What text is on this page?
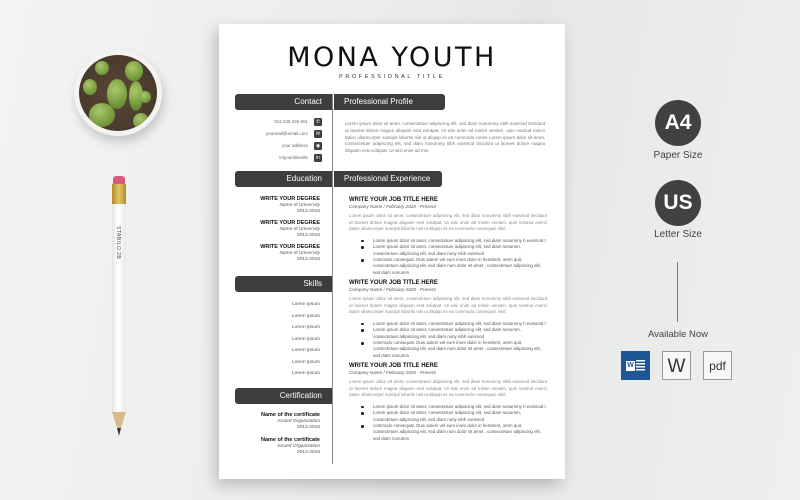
STABILO 2B
MONA YOUTH
PROFESSIONAL TITLE
Contact	Professional Profile
012 345 245 601	✆
yourmail@email.com	✉
your address	◉
in/yourlinkedin	in
Lorem ipsum dolor sit amet, consectetuer adipiscing elit, sed diam nonummy nibh euismod tincidunt ut laoreet dolore magna aliquam erat volutpat. Ut wisi enim ad minim veniam, quis nostrud exerci tation ullamcorper suscipit lobortis nisl ut aliquip ex ea commodo conse Lorem ipsum dolor sit amet, consectetuer adipiscing elit, sed diam nonummy nibh euismod tincidunt ut laoreet dolore magna aliquam erat volutpat. Ut wisi enim ad min.
Education	Professional Experience
WRITE YOUR DEGREE
Name of University
2013-2015
WRITE YOUR DEGREE
Name of University
2013-2015
WRITE YOUR DEGREE
Name of University
2013-2015
Skills
Lorem Ipsum
Lorem Ipsum
Lorem Ipsum
Lorem Ipsum
Lorem Ipsum
Lorem Ipsum
Lorem Ipsum
Certification
Name of the certificate
Issued Organization
2013-2015
Name of the certificate
Issued Organization
2013-2015
WRITE YOUR JOB TITLE HERE
Company Name / February 2020 - Present
Lorem ipsum dolor sit amet, consectetuer adipiscing elit, sed diam nonummy nibh euismod tincidunt ut laoreet dolore magna aliquam erat volutpat. Ut wisi enim ad minim veniam, quis nostrud exerci tation ullamcorper suscipit lobortis nisl ut aliquip ex ea commodo consequat. Nisl
Lorem ipsum dolor sit amet, consectetuer adipiscing elit, sed diam nonummy h euismod t
Lorem ipsum dolor sit amet, consectetuer adipiscing elit, sed diam nonumm, consectetuer adipiscing elit, sed diam nony nibh euismod
commodo consequat. Duis autem vel eum iriure dolor in hendrerit, orem quit, consectetuer adipiscing elit, sed diam num dolor sit amet , consectetuer adipiscing elit, sed diam nonumm
WRITE YOUR JOB TITLE HERE
Company Name / February 2020 - Present
Lorem ipsum dolor sit amet, consectetuer adipiscing elit, sed diam nonummy nibh euismod tincidunt ut laoreet dolore magna aliquam erat volutpat. Ut wisi enim ad minim veniam, quis nostrud exerci tation ullamcorper suscipit lobortis nisl ut aliquip ex ea commodo consequat. Nisl
Lorem ipsum dolor sit amet, consectetuer adipiscing elit, sed diam nonummy h euismod t
Lorem ipsum dolor sit amet, consectetuer adipiscing elit, sed diam nonumm, consectetuer adipiscing elit, sed diam nony nibh euismod
commodo consequat. Duis autem vel eum iriure dolor in hendrerit, orem quit, consectetuer adipiscing elit, sed diam num dolor sit amet , consectetuer adipiscing elit, sed diam nonumm
WRITE YOUR JOB TITLE HERE
Company Name / February 2020 - Present
Lorem ipsum dolor sit amet, consectetuer adipiscing elit, sed diam nonummy nibh euismod tincidunt ut laoreet dolore magna aliquam erat volutpat. Ut wisi enim ad minim veniam, quis nostrud exerci tation ullamcorper suscipit lobortis nisl ut aliquip ex ea commodo consequat. Nisl
Lorem ipsum dolor sit amet, consectetuer adipiscing elit, sed diam nonummy h euismod t
Lorem ipsum dolor sit amet, consectetuer adipiscing elit, sed diam nonumm, consectetuer adipiscing elit, sed diam nony nibh euismod
commodo consequat. Duis autem vel eum iriure dolor in hendrerit, orem quit, consectetuer adipiscing elit, sed diam num dolor sit amet , consectetuer adipiscing elit, sed diam nonumm
A4
Paper Size
US
Letter Size
Available Now
W	W	pdf
